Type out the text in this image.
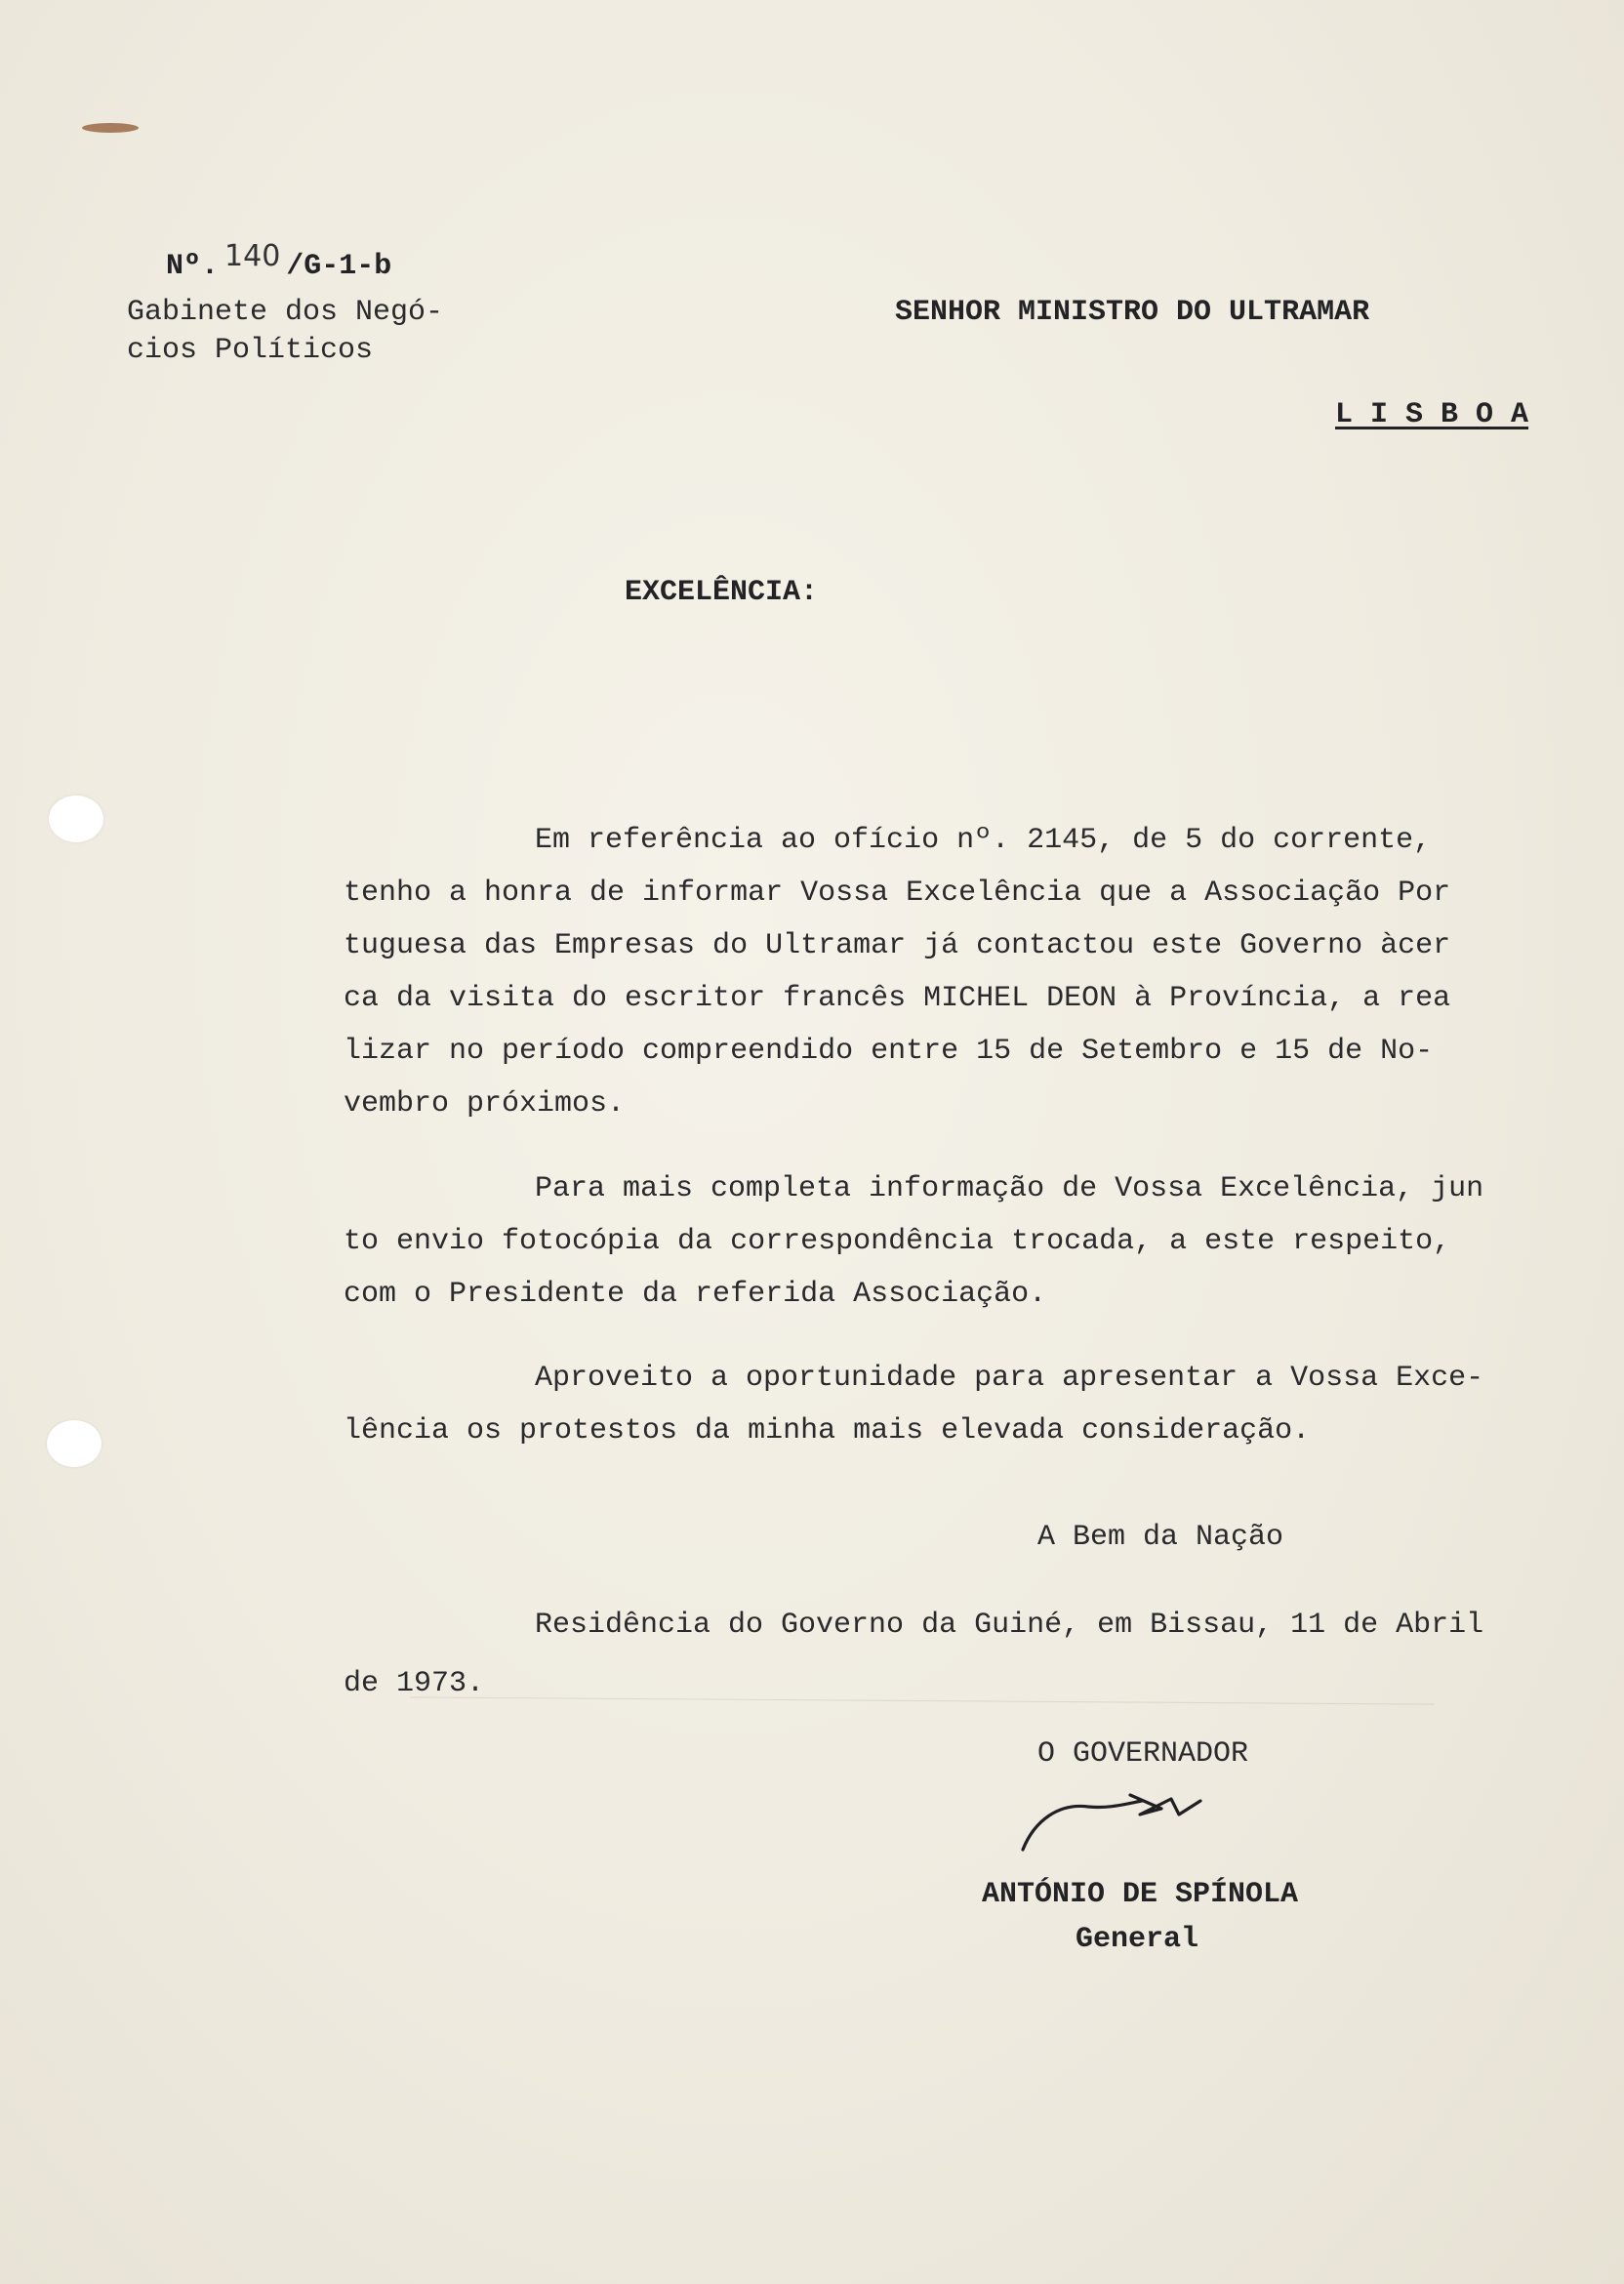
Nº. 140 /G-1-b
Gabinete dos Negó-
cios Políticos
SENHOR MINISTRO DO ULTRAMAR
L I S B O A
EXCELÊNCIA:
Em referência ao ofício nº. 2145, de 5 do corrente,
tenho a honra de informar Vossa Excelência que a Associação Por
tuguesa das Empresas do Ultramar já contactou este Governo àcer
ca da visita do escritor francês MICHEL DEON à Província, a rea
lizar no período compreendido entre 15 de Setembro e 15 de No-
vembro próximos.
Para mais completa informação de Vossa Excelência, jun
to envio fotocópia da correspondência trocada, a este respeito,
com o Presidente da referida Associação.
Aproveito a oportunidade para apresentar a Vossa Exce-
lência os protestos da minha mais elevada consideração.
A Bem da Nação
Residência do Governo da Guiné, em Bissau, 11 de Abril
de 1973.
O GOVERNADOR
ANTÓNIO DE SPÍNOLA
General
